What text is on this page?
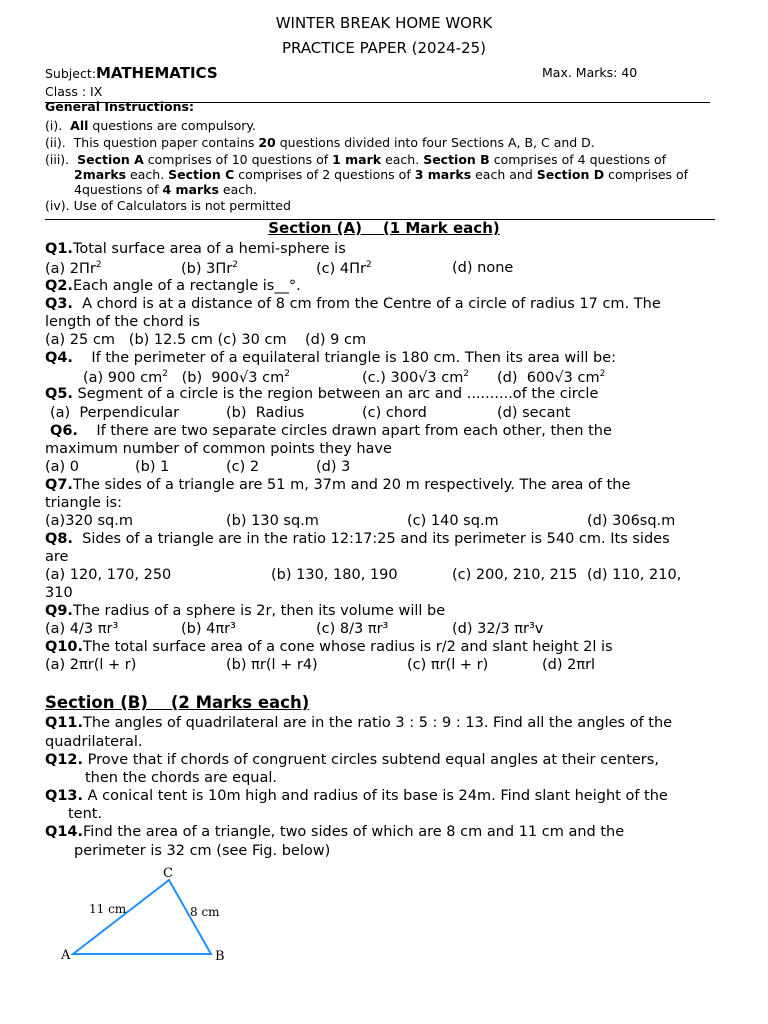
WINTER BREAK HOME WORK
PRACTICE PAPER (2024-25)
Subject:MATHEMATICS	Max. Marks: 40
Class : IX
General Instructions:
(i). All questions are compulsory.
(ii). This question paper contains 20 questions divided into four Sections A, B, C and D.
(iii). Section A comprises of 10 questions of 1 mark each. Section B comprises of 4 questions of
2marks each. Section C comprises of 2 questions of 3 marks each and Section D comprises of
4questions of 4 marks each.
(iv). Use of Calculators is not permitted
Section (A)    (1 Mark each)
Q1.Total surface area of a hemi-sphere is
(a) $2\Pi r^2$	(b) $3\Pi r^2$	(c) $4\Pi r^2$	(d) none
Q2.Each angle of a rectangle is__°.
Q3.  A chord is at a distance of 8 cm from the Centre of a circle of radius 17 cm. The
length of the chord is
(a) 25 cm   (b) 12.5 cm (c) 30 cm    (d) 9 cm
Q4.    If the perimeter of a equilateral triangle is 180 cm. Then its area will be:
(a) 900 $cm^2$ (b)  900√3 $cm^2$	(c.) 300√3 $cm^2$ (d)  600√3 $cm^2$
Q5. Segment of a circle is the region between an arc and ..........of the circle
(a)  Perpendicular	(b)  Radius	(c) chord	(d) secant
Q6.    If there are two separate circles drawn apart from each other, then the
maximum number of common points they have
(a) 0	(b) 1	(c) 2	(d) 3
Q7.The sides of a triangle are 51 m, 37m and 20 m respectively. The area of the
triangle is:
(a)320 sq.m	(b) 130 sq.m	(c) 140 sq.m	(d) 306sq.m
Q8.  Sides of a triangle are in the ratio 12:17:25 and its perimeter is 540 cm. Its sides
are
(a) 120, 170, 250	(b) 130, 180, 190	(c) 200, 210, 215 (d) 110, 210,
310
Q9.The radius of a sphere is 2r, then its volume will be
(a) 4/3 πr³	(b) 4πr³	(c) 8/3 πr³	(d) 32/3 πr³v
Q10.The total surface area of a cone whose radius is r/2 and slant height 2l is
(a) 2πr(l + r)	(b) πr(l + r4)	(c) πr(l + r)	(d) 2πrl
Section (B)    (2 Marks each)
Q11.The angles of quadrilateral are in the ratio 3 : 5 : 9 : 13. Find all the angles of the
quadrilateral.
Q12. Prove that if chords of congruent circles subtend equal angles at their centers,
then the chords are equal.
Q13. A conical tent is 10m high and radius of its base is 24m. Find slant height of the
tent.
Q14.Find the area of a triangle, two sides of which are 8 cm and 11 cm and the
perimeter is 32 cm (see Fig. below)
C
A	B
11 cm	8 cm
